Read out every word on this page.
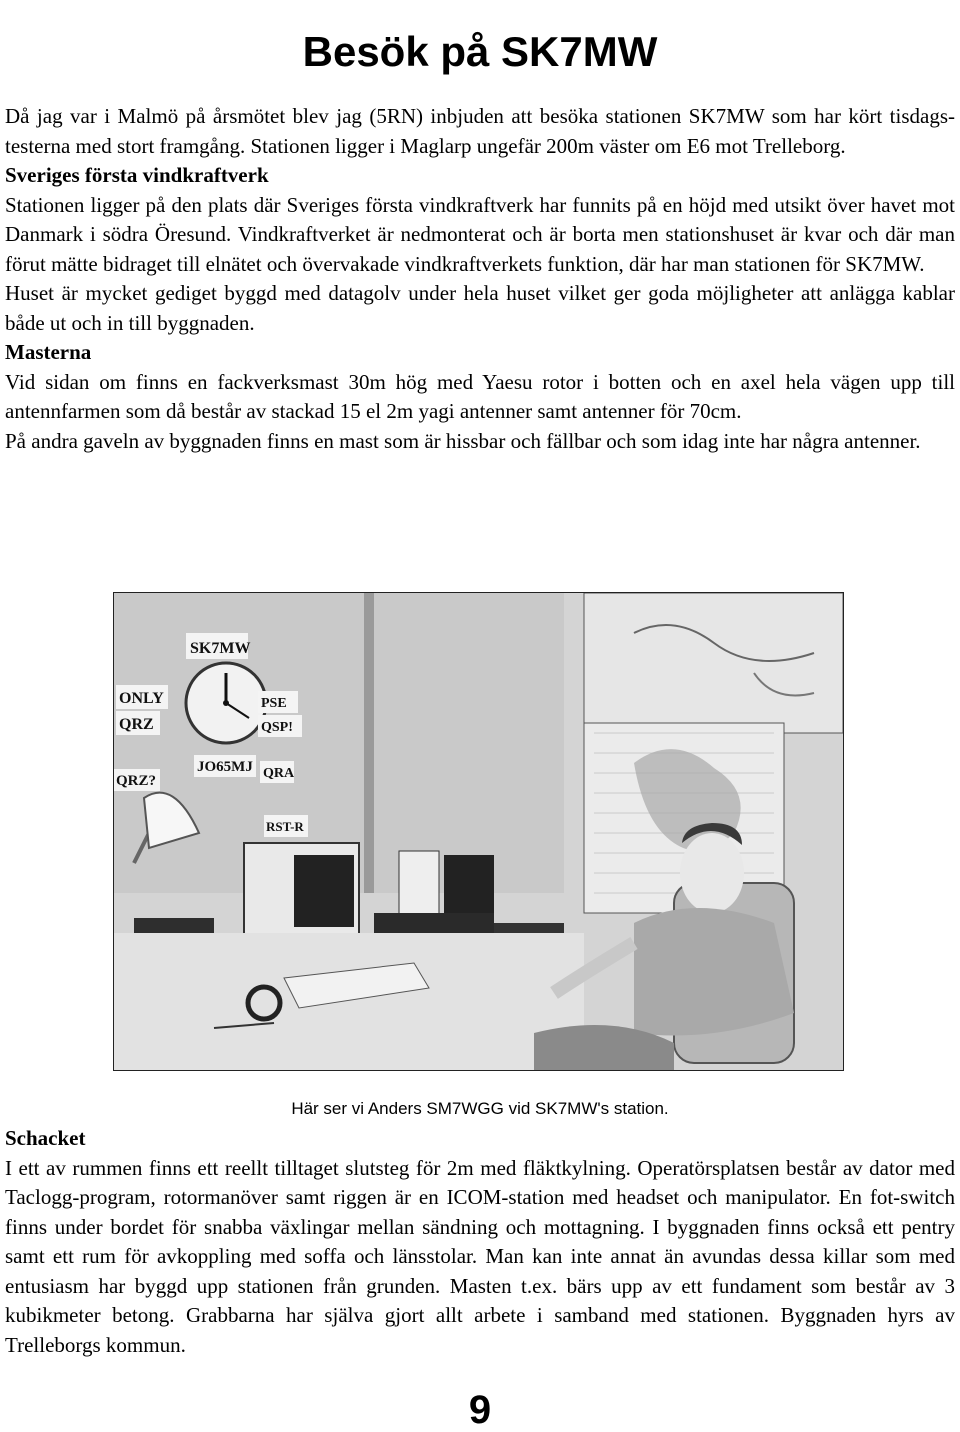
Besök på SK7MW

Då jag var i Malmö på årsmötet blev jag (5RN) inbjuden att besöka stationen SK7MW som har kört tisdags-testerna med stort framgång. Stationen ligger i Maglarp ungefär 200m väster om E6 mot Trelleborg.

Sveriges första vindkraftverk

Stationen ligger på den plats där Sveriges första vindkraftverk har funnits på en höjd med utsikt över havet mot Danmark i södra Öresund. Vindkraftverket är nedmonterat och är borta men stationshuset är kvar och där man förut mätte bidraget till elnätet och övervakade vindkraftverkets funktion, där har man stationen för SK7MW.

Huset är mycket gediget byggd med datagolv under hela huset vilket ger goda möjligheter att anlägga kablar både ut och in till byggnaden.

Masterna

Vid sidan om finns en fackverksmast 30m hög med Yaesu rotor i botten och en axel hela vägen upp till antennfarmen som då består av stackad 15 el 2m yagi antenner samt antenner för 70cm.

På andra gaveln av byggnaden finns en mast som är hissbar och fällbar och som idag inte har några antenner.

SK7MW
ONLY
QRZ
PSE
QSP!
JO65MJ QRA
QRZ?
RST-R
Här ser vi Anders SM7WGG vid SK7MW's station.
Schacket

I ett av rummen finns ett reellt tilltaget slutsteg för 2m med fläktkylning. Operatörsplatsen består av dator med Taclogg-program, rotormanöver samt riggen är en ICOM-station med headset och manipulator. En fot-switch finns under bordet för snabba växlingar mellan sändning och mottagning. I byggnaden finns också ett pentry samt ett rum för avkoppling med soffa och länsstolar. Man kan inte annat än avundas dessa killar som med entusiasm har byggd upp stationen från grunden. Masten t.ex. bärs upp av ett fundament som består av 3 kubikmeter betong. Grabbarna har själva gjort allt arbete i samband med stationen. Byggnaden hyrs av Trelleborgs kommun.

9
